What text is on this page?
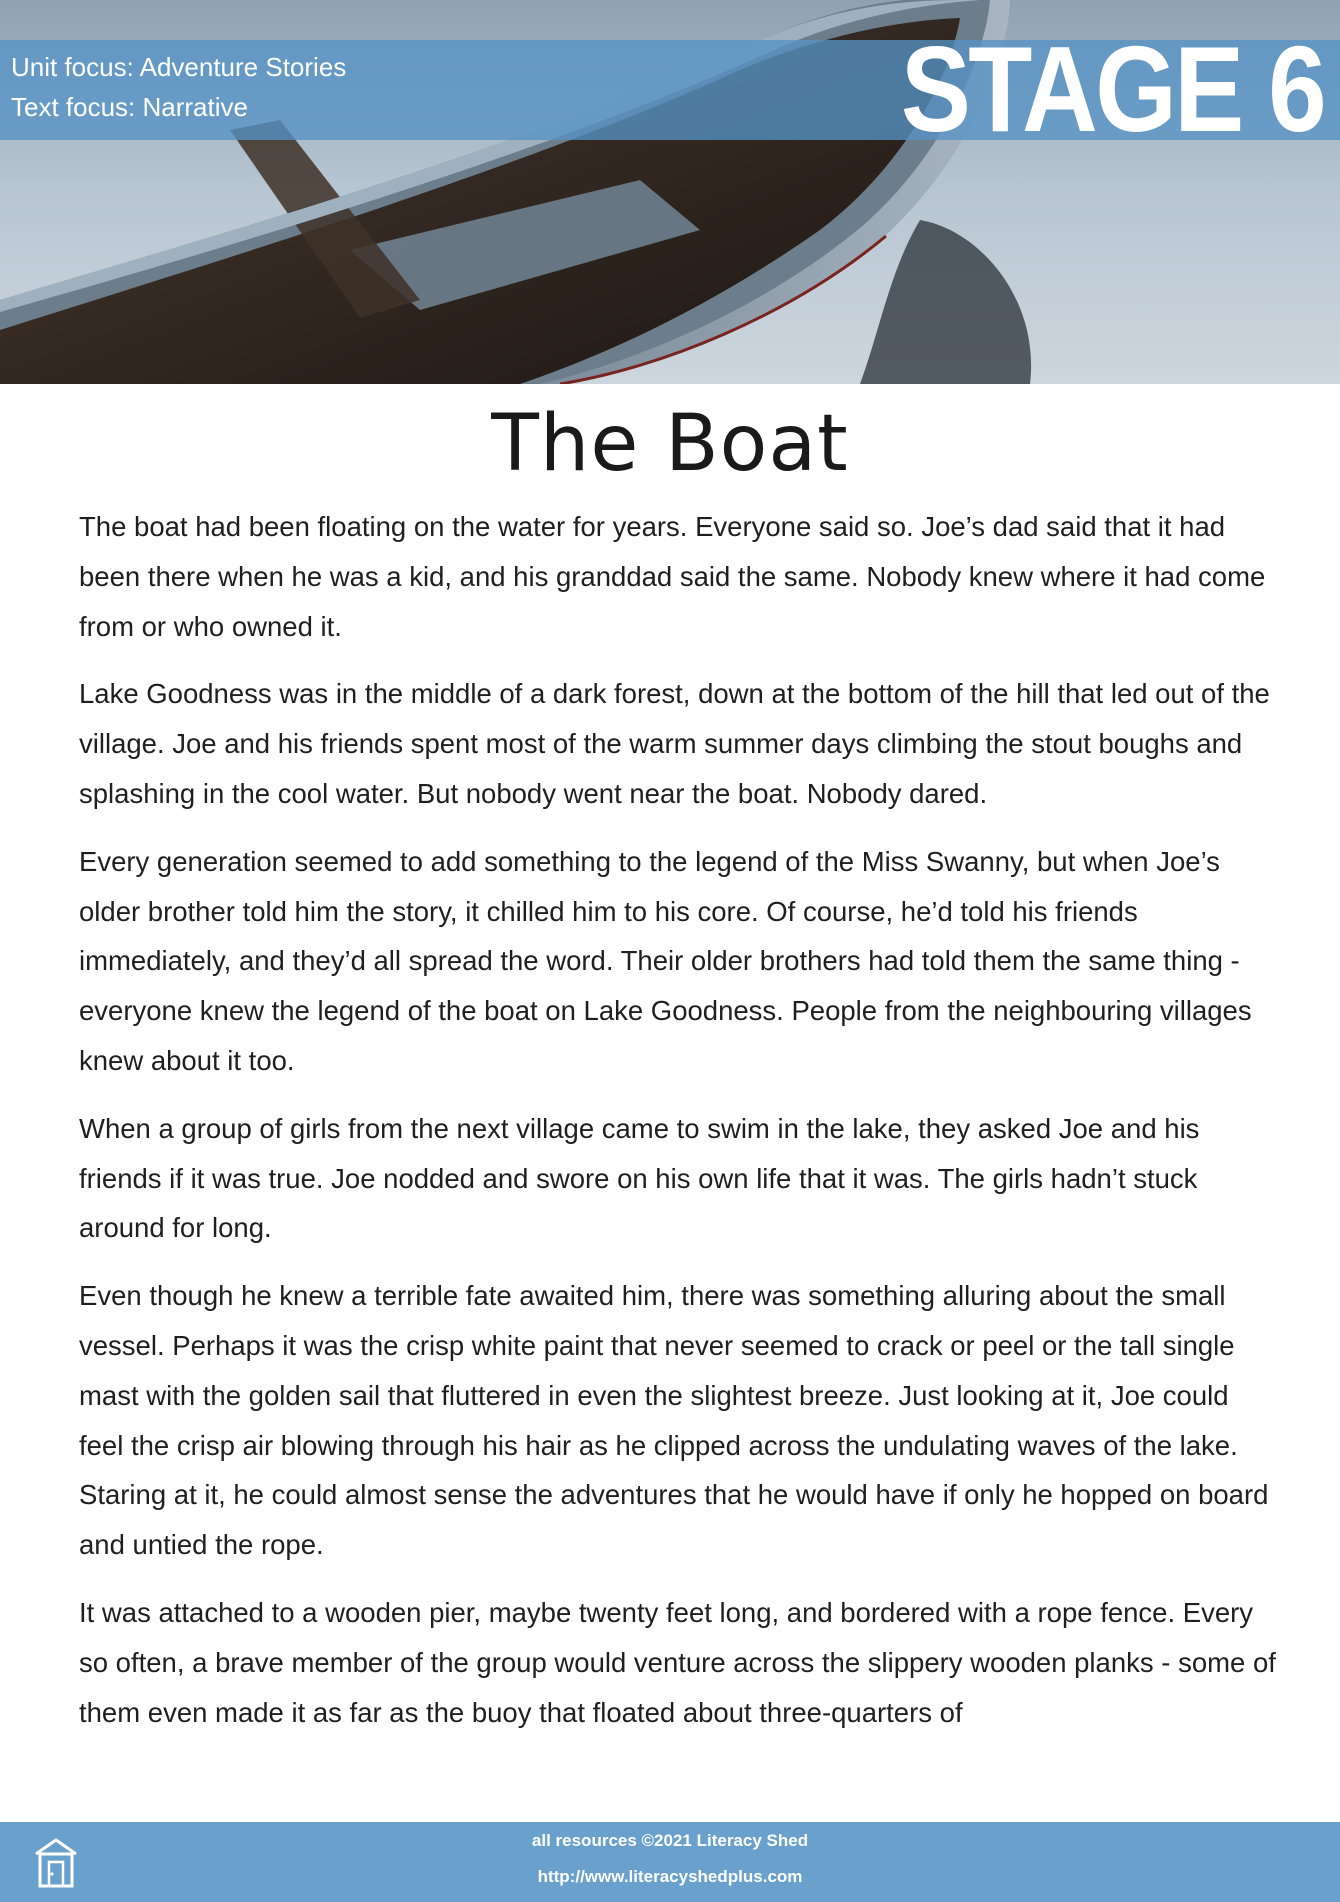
Unit focus: Adventure Stories
Text focus: Narrative	STAGE 6
The Boat

The boat had been floating on the water for years. Everyone said so. Joe’s dad said that it had been there when he was a kid, and his granddad said the same. Nobody knew where it had come from or who owned it.

Lake Goodness was in the middle of a dark forest, down at the bottom of the hill that led out of the village. Joe and his friends spent most of the warm summer days climbing the stout boughs and splashing in the cool water. But nobody went near the boat. Nobody dared.

Every generation seemed to add something to the legend of the Miss Swanny, but when Joe’s older brother told him the story, it chilled him to his core. Of course, he’d told his friends immediately, and they’d all spread the word. Their older brothers had told them the same thing - everyone knew the legend of the boat on Lake Goodness. People from the neighbouring villages knew about it too.

When a group of girls from the next village came to swim in the lake, they asked Joe and his friends if it was true. Joe nodded and swore on his own life that it was. The girls hadn’t stuck around for long.

Even though he knew a terrible fate awaited him, there was something alluring about the small vessel. Perhaps it was the crisp white paint that never seemed to crack or peel or the tall single mast with the golden sail that fluttered in even the slightest breeze. Just looking at it, Joe could feel the crisp air blowing through his hair as he clipped across the undulating waves of the lake. Staring at it, he could almost sense the adventures that he would have if only he hopped on board and untied the rope.

It was attached to a wooden pier, maybe twenty feet long, and bordered with a rope fence. Every so often, a brave member of the group would venture across the slippery wooden planks - some of them even made it as far as the buoy that floated about three-quarters of

all resources ©2021 Literacy Shed
http://www.literacyshedplus.com
